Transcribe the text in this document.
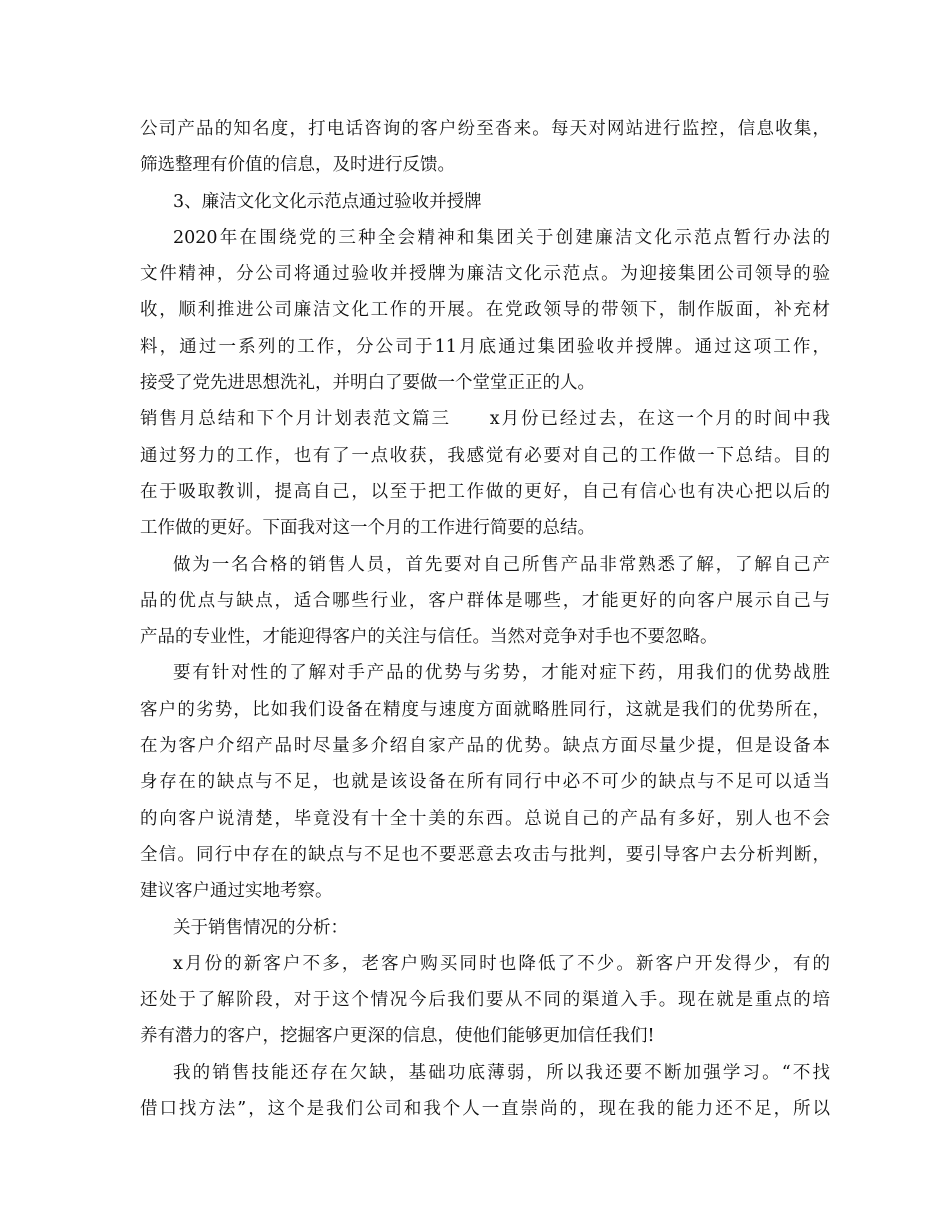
公司产品的知名度，打电话咨询的客户纷至沓来。每天对网站进行监控，信息收集，
筛选整理有价值的信息，及时进行反馈。
3、廉洁文化文化示范点通过验收并授牌
2020年在围绕党的三种全会精神和集团关于创建廉洁文化示范点暂行办法的
文件精神，分公司将通过验收并授牌为廉洁文化示范点。为迎接集团公司领导的验
收，顺利推进公司廉洁文化工作的开展。在党政领导的带领下，制作版面，补充材
料，通过一系列的工作，分公司于11月底通过集团验收并授牌。通过这项工作，
接受了党先进思想洗礼，并明白了要做一个堂堂正正的人。
销售月总结和下个月计划表范文篇三　　x月份已经过去，在这一个月的时间中我
通过努力的工作，也有了一点收获，我感觉有必要对自己的工作做一下总结。目的
在于吸取教训，提高自己，以至于把工作做的更好，自己有信心也有决心把以后的
工作做的更好。下面我对这一个月的工作进行简要的总结。
做为一名合格的销售人员，首先要对自己所售产品非常熟悉了解，了解自己产
品的优点与缺点，适合哪些行业，客户群体是哪些，才能更好的向客户展示自己与
产品的专业性，才能迎得客户的关注与信任。当然对竞争对手也不要忽略。
要有针对性的了解对手产品的优势与劣势，才能对症下药，用我们的优势战胜
客户的劣势，比如我们设备在精度与速度方面就略胜同行，这就是我们的优势所在，
在为客户介绍产品时尽量多介绍自家产品的优势。缺点方面尽量少提，但是设备本
身存在的缺点与不足，也就是该设备在所有同行中必不可少的缺点与不足可以适当
的向客户说清楚，毕竟没有十全十美的东西。总说自己的产品有多好，别人也不会
全信。同行中存在的缺点与不足也不要恶意去攻击与批判，要引导客户去分析判断，
建议客户通过实地考察。
关于销售情况的分析：
x月份的新客户不多，老客户购买同时也降低了不少。新客户开发得少，有的
还处于了解阶段，对于这个情况今后我们要从不同的渠道入手。现在就是重点的培
养有潜力的客户，挖掘客户更深的信息，使他们能够更加信任我们!
我的销售技能还存在欠缺，基础功底薄弱，所以我还要不断加强学习。“不找
借口找方法”，这个是我们公司和我个人一直崇尚的，现在我的能力还不足，所以
